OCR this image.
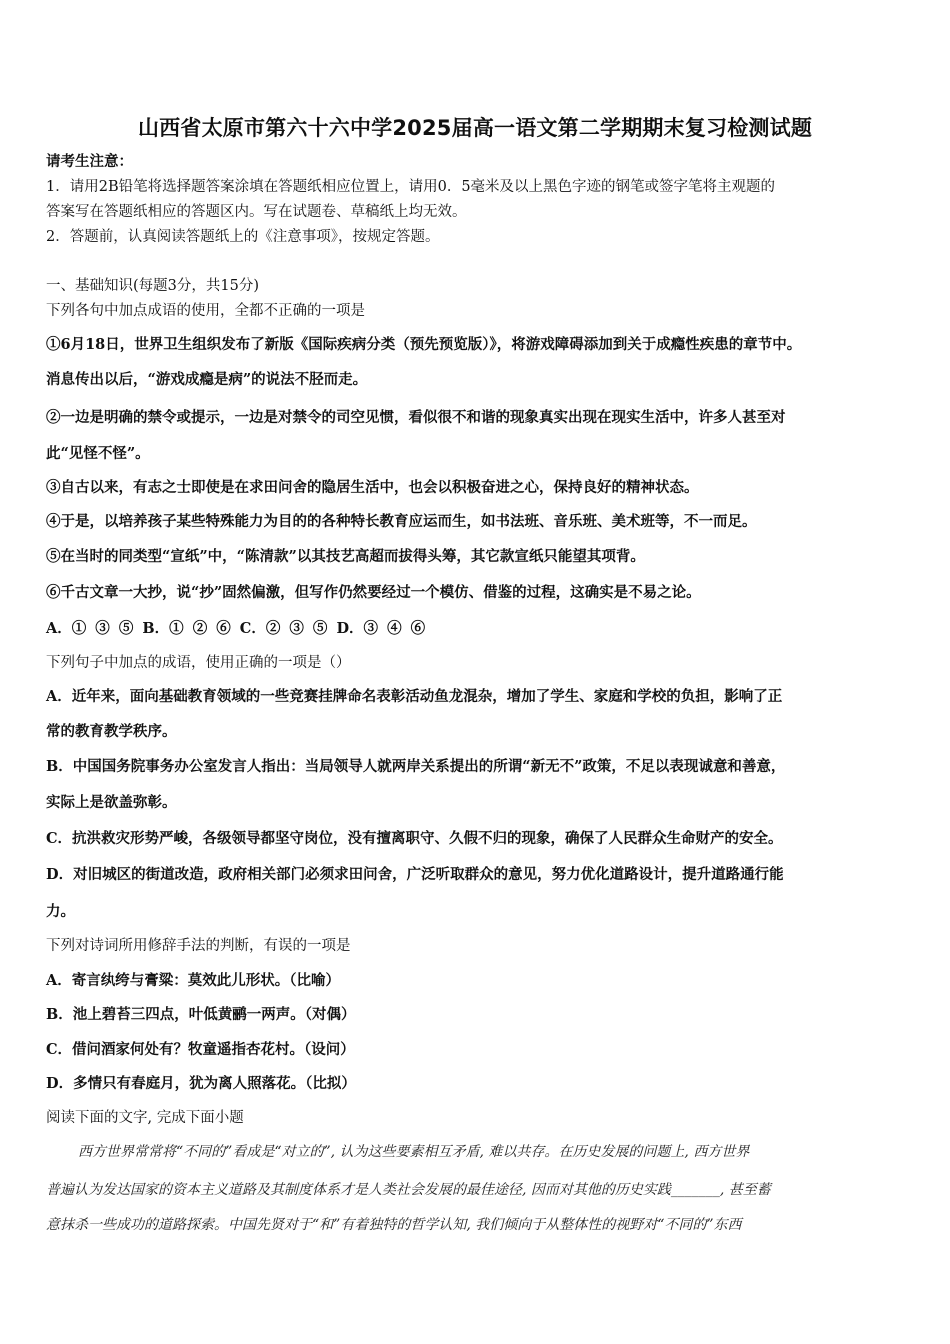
山西省太原市第六十六中学2025届高一语文第二学期期末复习检测试题
请考生注意：
1．请用2B铅笔将选择题答案涂填在答题纸相应位置上，请用0．5毫米及以上黑色字迹的钢笔或签字笔将主观题的
答案写在答题纸相应的答题区内。写在试题卷、草稿纸上均无效。
2．答题前，认真阅读答题纸上的《注意事项》，按规定答题。
一、基础知识(每题3分，共15分)
下列各句中加点成语的使用，全都不正确的一项是
①6月18日，世界卫生组织发布了新版《国际疾病分类（预先预览版）》，将游戏障碍添加到关于成瘾性疾患的章节中。
消息传出以后，“游戏成瘾是病”的说法不胫而走。
②一边是明确的禁令或提示，一边是对禁令的司空见惯，看似很不和谐的现象真实出现在现实生活中，许多人甚至对
此“见怪不怪”。
③自古以来，有志之士即使是在求田问舍的隐居生活中，也会以积极奋进之心，保持良好的精神状态。
④于是，以培养孩子某些特殊能力为目的的各种特长教育应运而生，如书法班、音乐班、美术班等，不一而足。
⑤在当时的同类型“宣纸”中，“陈清款”以其技艺高超而拔得头筹，其它款宣纸只能望其项背。
⑥千古文章一大抄，说“抄”固然偏激，但写作仍然要经过一个模仿、借鉴的过程，这确实是不易之论。
A．① ③ ⑤ B．① ② ⑥ C．② ③ ⑤ D．③ ④ ⑥
下列句子中加点的成语，使用正确的一项是（）
A．近年来，面向基础教育领域的一些竞赛挂牌命名表彰活动鱼龙混杂，增加了学生、家庭和学校的负担，影响了正
常的教育教学秩序。
B．中国国务院事务办公室发言人指出：当局领导人就两岸关系提出的所谓“新无不”政策，不足以表现诚意和善意，
实际上是欲盖弥彰。
C．抗洪救灾形势严峻，各级领导都坚守岗位，没有擅离职守、久假不归的现象，确保了人民群众生命财产的安全。
D．对旧城区的街道改造，政府相关部门必须求田问舍，广泛听取群众的意见，努力优化道路设计，提升道路通行能
力。
下列对诗词所用修辞手法的判断，有误的一项是
A．寄言纨绔与膏粱：莫效此儿形状。（比喻）
B．池上碧苔三四点，叶低黄鹂一两声。（对偶）
C．借问酒家何处有？牧童遥指杏花村。（设问）
D．多情只有春庭月，犹为离人照落花。（比拟）
阅读下面的文字, 完成下面小题
西方世界常常将“不同的”看成是“对立的”, 认为这些要素相互矛盾, 难以共存。在历史发展的问题上, 西方世界
普遍认为发达国家的资本主义道路及其制度体系才是人类社会发展的最佳途径, 因而对其他的历史实践_______, 甚至蓄
意抹杀一些成功的道路探索。中国先贤对于“和”有着独特的哲学认知, 我们倾向于从整体性的视野对“不同的”东西
